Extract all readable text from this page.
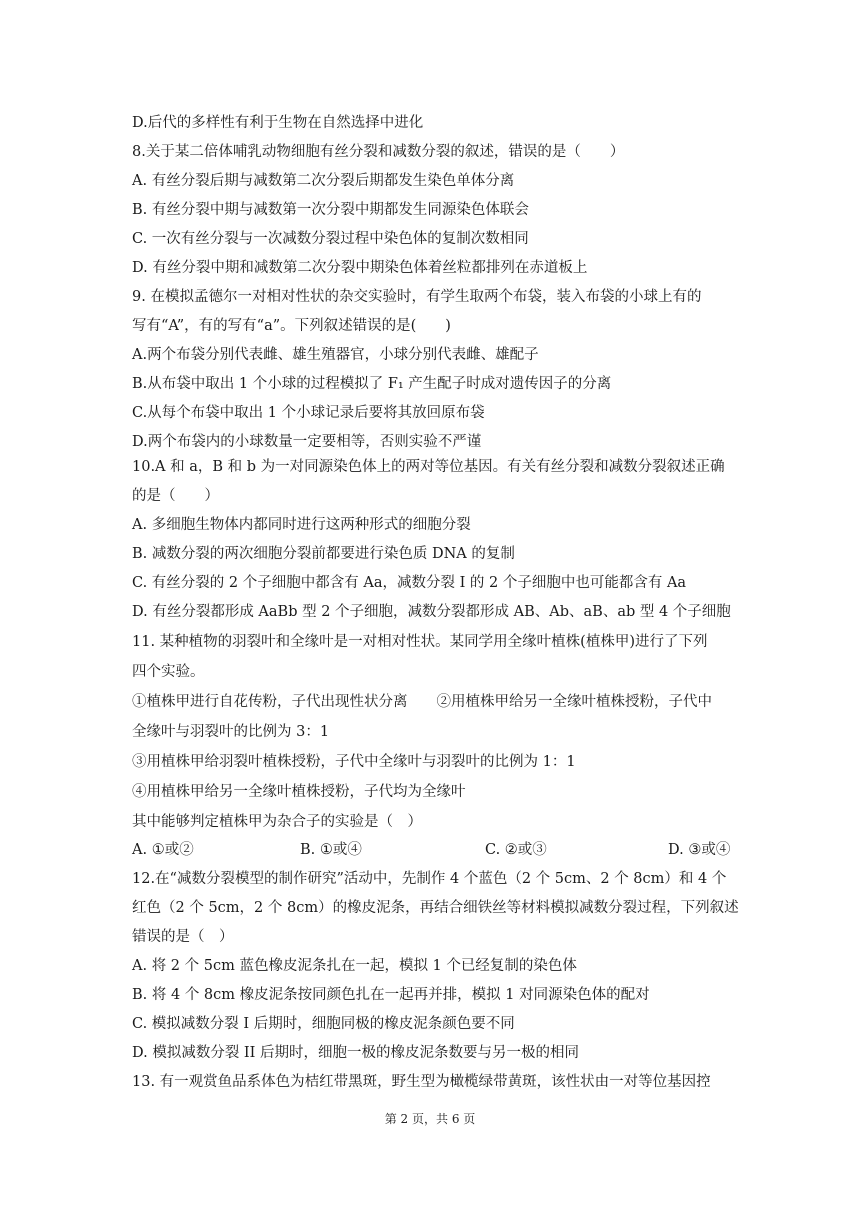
D.后代的多样性有利于生物在自然选择中进化
8.关于某二倍体哺乳动物细胞有丝分裂和减数分裂的叙述，错误的是（　　）
A. 有丝分裂后期与减数第二次分裂后期都发生染色单体分离
B. 有丝分裂中期与减数第一次分裂中期都发生同源染色体联会
C. 一次有丝分裂与一次减数分裂过程中染色体的复制次数相同
D. 有丝分裂中期和减数第二次分裂中期染色体着丝粒都排列在赤道板上
9. 在模拟孟德尔一对相对性状的杂交实验时，有学生取两个布袋，装入布袋的小球上有的
写有“A”，有的写有“a”。下列叙述错误的是(　　)
A.两个布袋分别代表雌、雄生殖器官，小球分别代表雌、雄配子
B.从布袋中取出 1 个小球的过程模拟了 F₁ 产生配子时成对遗传因子的分离
C.从每个布袋中取出 1 个小球记录后要将其放回原布袋
D.两个布袋内的小球数量一定要相等，否则实验不严谨
10.A 和 a，B 和 b 为一对同源染色体上的两对等位基因。有关有丝分裂和减数分裂叙述正确
的是（　　）
A. 多细胞生物体内都同时进行这两种形式的细胞分裂
B. 减数分裂的两次细胞分裂前都要进行染色质 DNA 的复制
C. 有丝分裂的 2 个子细胞中都含有 Aa，减数分裂 Ⅰ 的 2 个子细胞中也可能都含有 Aa
D. 有丝分裂都形成 AaBb 型 2 个子细胞，减数分裂都形成 AB、Ab、aB、ab 型 4 个子细胞
11. 某种植物的羽裂叶和全缘叶是一对相对性状。某同学用全缘叶植株(植株甲)进行了下列
四个实验。
①植株甲进行自花传粉，子代出现性状分离　　②用植株甲给另一全缘叶植株授粉，子代中
全缘叶与羽裂叶的比例为 3：1
③用植株甲给羽裂叶植株授粉，子代中全缘叶与羽裂叶的比例为 1：1
④用植株甲给另一全缘叶植株授粉，子代均为全缘叶
其中能够判定植株甲为杂合子的实验是（　）
A. ①或②	B. ①或④	C. ②或③	D. ③或④
12.在“减数分裂模型的制作研究”活动中，先制作 4 个蓝色（2 个 5cm、2 个 8cm）和 4 个
红色（2 个 5cm，2 个 8cm）的橡皮泥条，再结合细铁丝等材料模拟减数分裂过程，下列叙述
错误的是（　）
A. 将 2 个 5cm 蓝色橡皮泥条扎在一起，模拟 1 个已经复制的染色体
B. 将 4 个 8cm 橡皮泥条按同颜色扎在一起再并排，模拟 1 对同源染色体的配对
C. 模拟减数分裂 I 后期时，细胞同极的橡皮泥条颜色要不同
D. 模拟减数分裂 II 后期时，细胞一极的橡皮泥条数要与另一极的相同
13. 有一观赏鱼品系体色为桔红带黑斑，野生型为橄榄绿带黄斑，该性状由一对等位基因控
第 2 页，共 6 页
